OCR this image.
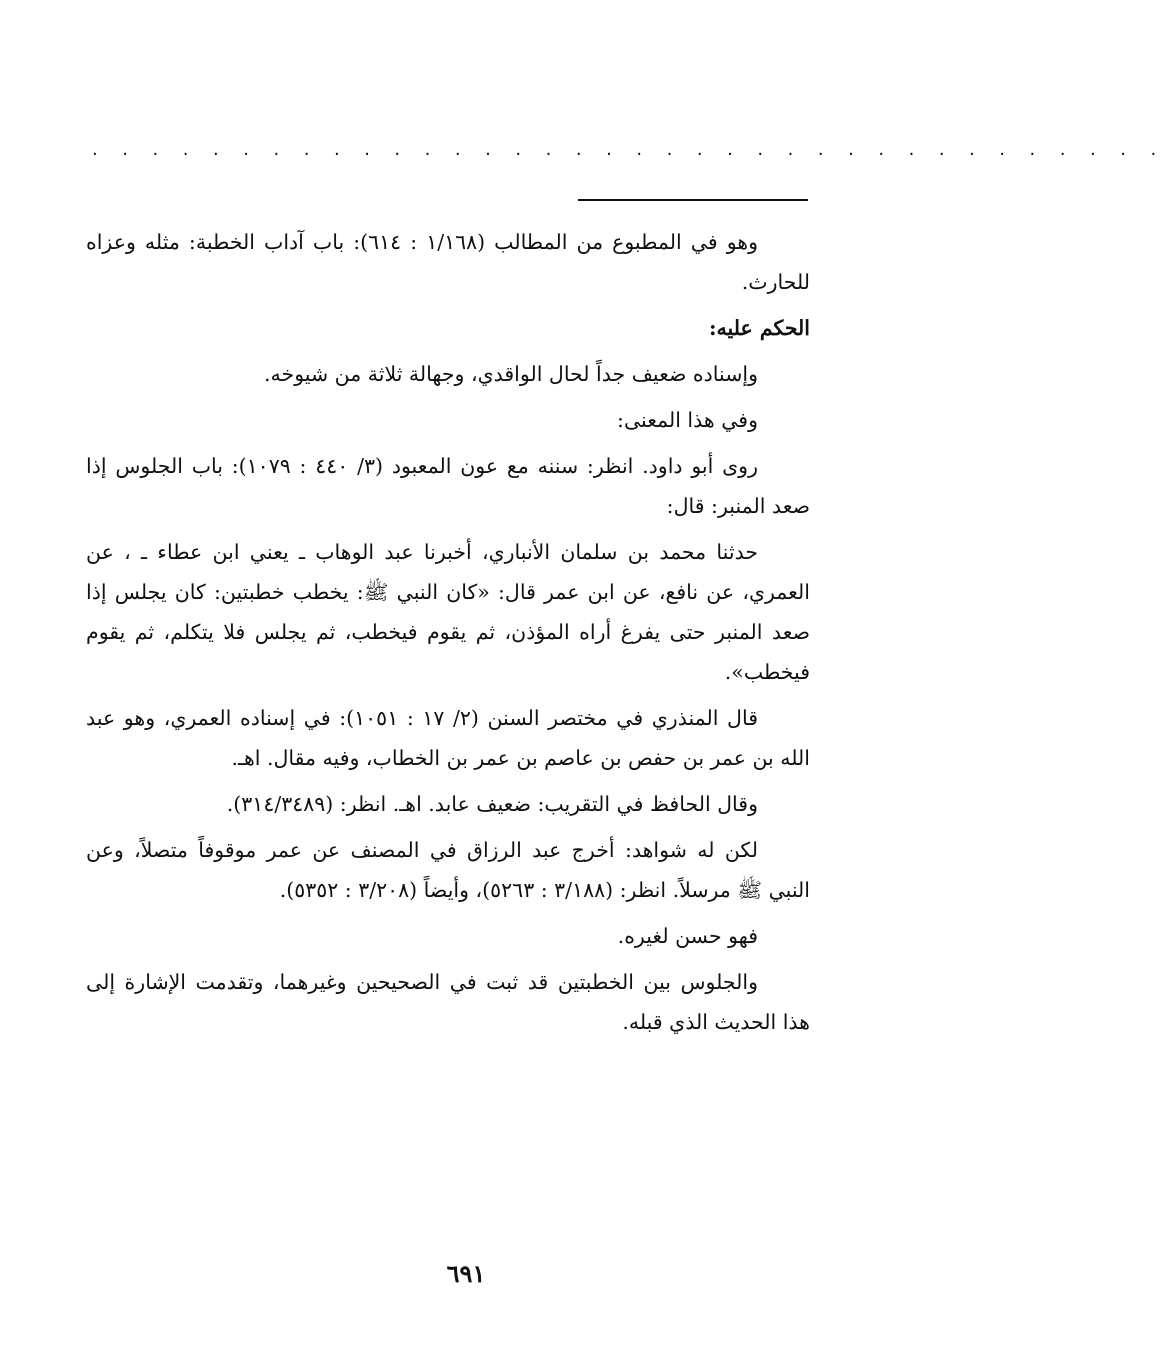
. . . . . . . . . . . . . . . . . . . . . . . . . . . . . . . . . . . .

وهو في المطبوع من المطالب (١/١٦٨ : ٦١٤): باب آداب الخطبة: مثله وعزاه للحارث.

الحكم عليه:

وإسناده ضعيف جداً لحال الواقدي، وجهالة ثلاثة من شيوخه.

وفي هذا المعنى:

روى أبو داود. انظر: سننه مع عون المعبود (٣/ ٤٤٠ : ١٠٧٩): باب الجلوس إذا صعد المنبر: قال:

حدثنا محمد بن سلمان الأنباري، أخبرنا عبد الوهاب ـ يعني ابن عطاء ـ ، عن العمري، عن نافع، عن ابن عمر قال: «كان النبي ﷺ: يخطب خطبتين: كان يجلس إذا صعد المنبر حتى يفرغ أراه المؤذن، ثم يقوم فيخطب، ثم يجلس فلا يتكلم، ثم يقوم فيخطب».

قال المنذري في مختصر السنن (٢/ ١٧ : ١٠٥١): في إسناده العمري، وهو عبد الله بن عمر بن حفص بن عاصم بن عمر بن الخطاب، وفيه مقال. اهـ.

وقال الحافظ في التقريب: ضعيف عابد. اهـ. انظر: (٣١٤/٣٤٨٩).

لكن له شواهد: أخرج عبد الرزاق في المصنف عن عمر موقوفاً متصلاً، وعن النبي ﷺ مرسلاً. انظر: (٣/١٨٨ : ٥٢٦٣)، وأيضاً (٣/٢٠٨ : ٥٣٥٢).

فهو حسن لغيره.

والجلوس بين الخطبتين قد ثبت في الصحيحين وغيرهما، وتقدمت الإشارة إلى هذا الحديث الذي قبله.

٦٩١
